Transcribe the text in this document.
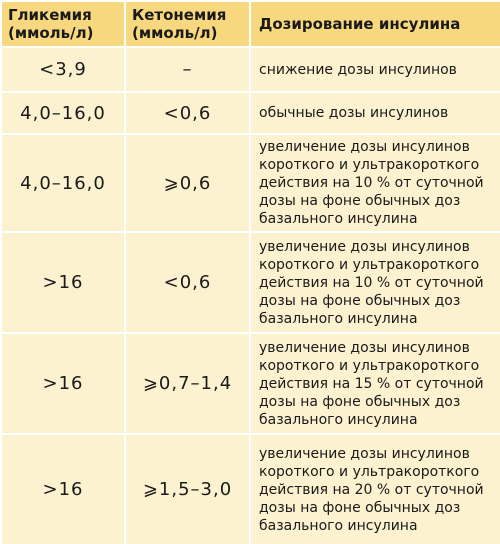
Гликемия (ммоль/л)	Кетонемия (ммоль/л)	Дозирование инсулина
<3,9	–	снижение дозы инсулинов
4,0–16,0	<0,6	обычные дозы инсулинов
4,0–16,0	⩾0,6	увеличение дозы инсулинов короткого и ультракороткого действия на 10 % от суточной дозы на фоне обычных доз базального инсулина
>16	<0,6	увеличение дозы инсулинов короткого и ультракороткого действия на 10 % от суточной дозы на фоне обычных доз базального инсулина
>16	⩾0,7–1,4	увеличение дозы инсулинов короткого и ультракороткого действия на 15 % от суточной дозы на фоне обычных доз базального инсулина
>16	⩾1,5–3,0	увеличение дозы инсулинов короткого и ультракороткого действия на 20 % от суточной дозы на фоне обычных доз базального инсулина
